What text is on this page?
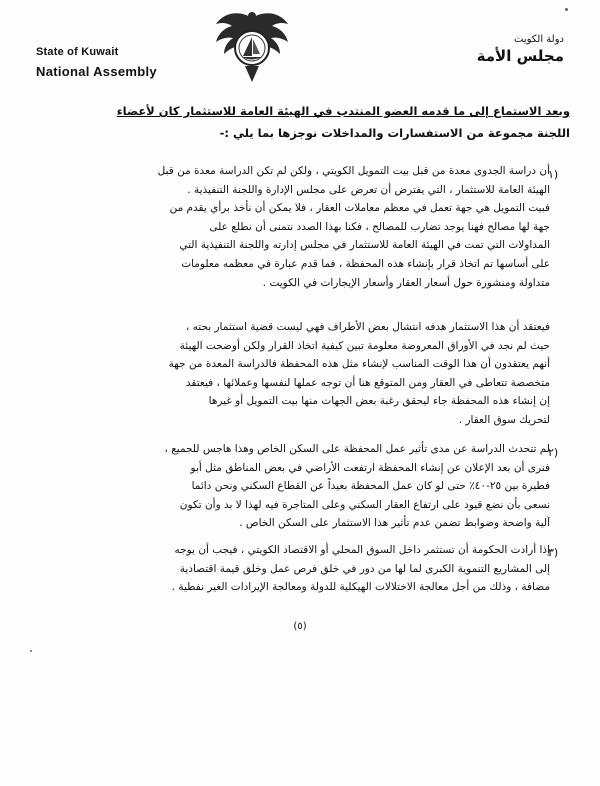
State of Kuwait
National Assembly
دولة الكويت
مجلس الأمة
وبعد الاستماع إلى ما قدمه العضو المنتدب في الهيئة العامة للاستثمار كان لأعضاء
اللجنة مجموعة من الاستفسارات والمداخلات نوجزها بما يلي :-
١)
أن دراسة الجدوى معدة من قبل بيت التمويل الكويتي ، ولكن لم تكن الدراسة معدة من قبل
الهيئة العامة للاستثمار ، التي يفترض أن تعرض على مجلس الإدارة واللجنة التنفيذية .
فبيت التمويل هي جهة تعمل في معظم معاملات العقار ، فلا يمكن أن نأخذ برأي يقدم من
جهة لها مصالح فهنا يوجد تضارب للمصالح ، فكنا بهذا الصدد نتمنى أن نطلع على
المداولات التي تمت في الهيئة العامة للاستثمار في مجلس إدارته واللجنة التنفيذية التي
على أساسها تم اتخاذ قرار بإنشاء هذه المحفظة ، فما قدم عبارة في معظمه معلومات
متداولة ومنشورة حول أسعار العقار وأسعار الإيجارات في الكويت .
فيعتقد أن هذا الاستثمار هدفه انتشال بعض الأطراف فهي ليست قضية استثمار بحته ،
حيث لم نجد في الأوراق المعروضة معلومة تبين كيفية اتخاذ القرار ولكن أوضحت الهيئة
أنهم يعتقدون أن هذا الوقت المناسب لإنشاء مثل هذه المحفظة فالدراسة المعدة من جهة
متخصصة تتعاطى في العقار ومن المتوقع هنا أن توجه عملها لنفسها وعملائها ، فيعتقد
إن إنشاء هذه المحفظة جاء ليحقق رغبة بعض الجهات منها بيت التمويل أو غيرها
لتحريك سوق العقار .
٢)
لم تتحدث الدراسة عن مدى تأثير عمل المحفظة على السكن الخاص وهذا هاجس للجميع ،
فنرى أن بعد الإعلان عن إنشاء المحفظة ارتفعت الأراضي في بعض المناطق مثل أبو
فطيرة بين ٢٥-٤٠٪ حتى لو كان عمل المحفظة بعيداً عن القطاع السكني ونحن دائما
نسعى بأن نضع قيود على ارتفاع العقار السكني وعلى المتاجرة فيه لهذا لا بد وأن تكون
آلية واضحة وضوابط تضمن عدم تأثير هذا الاستثمار على السكن الخاص .
٣)
إذا أرادت الحكومة أن تستثمر داخل السوق المحلي أو الاقتصاد الكويتي ، فيجب أن يوجه
إلى المشاريع التنموية الكبرى لما لها من دور في خلق فرص عمل وخلق قيمة اقتصادية
مضافة ، وذلك من أجل معالجة الاختلالات الهيكلية للدولة ومعالجة الإيرادات الغير نفطية .
(٥)
